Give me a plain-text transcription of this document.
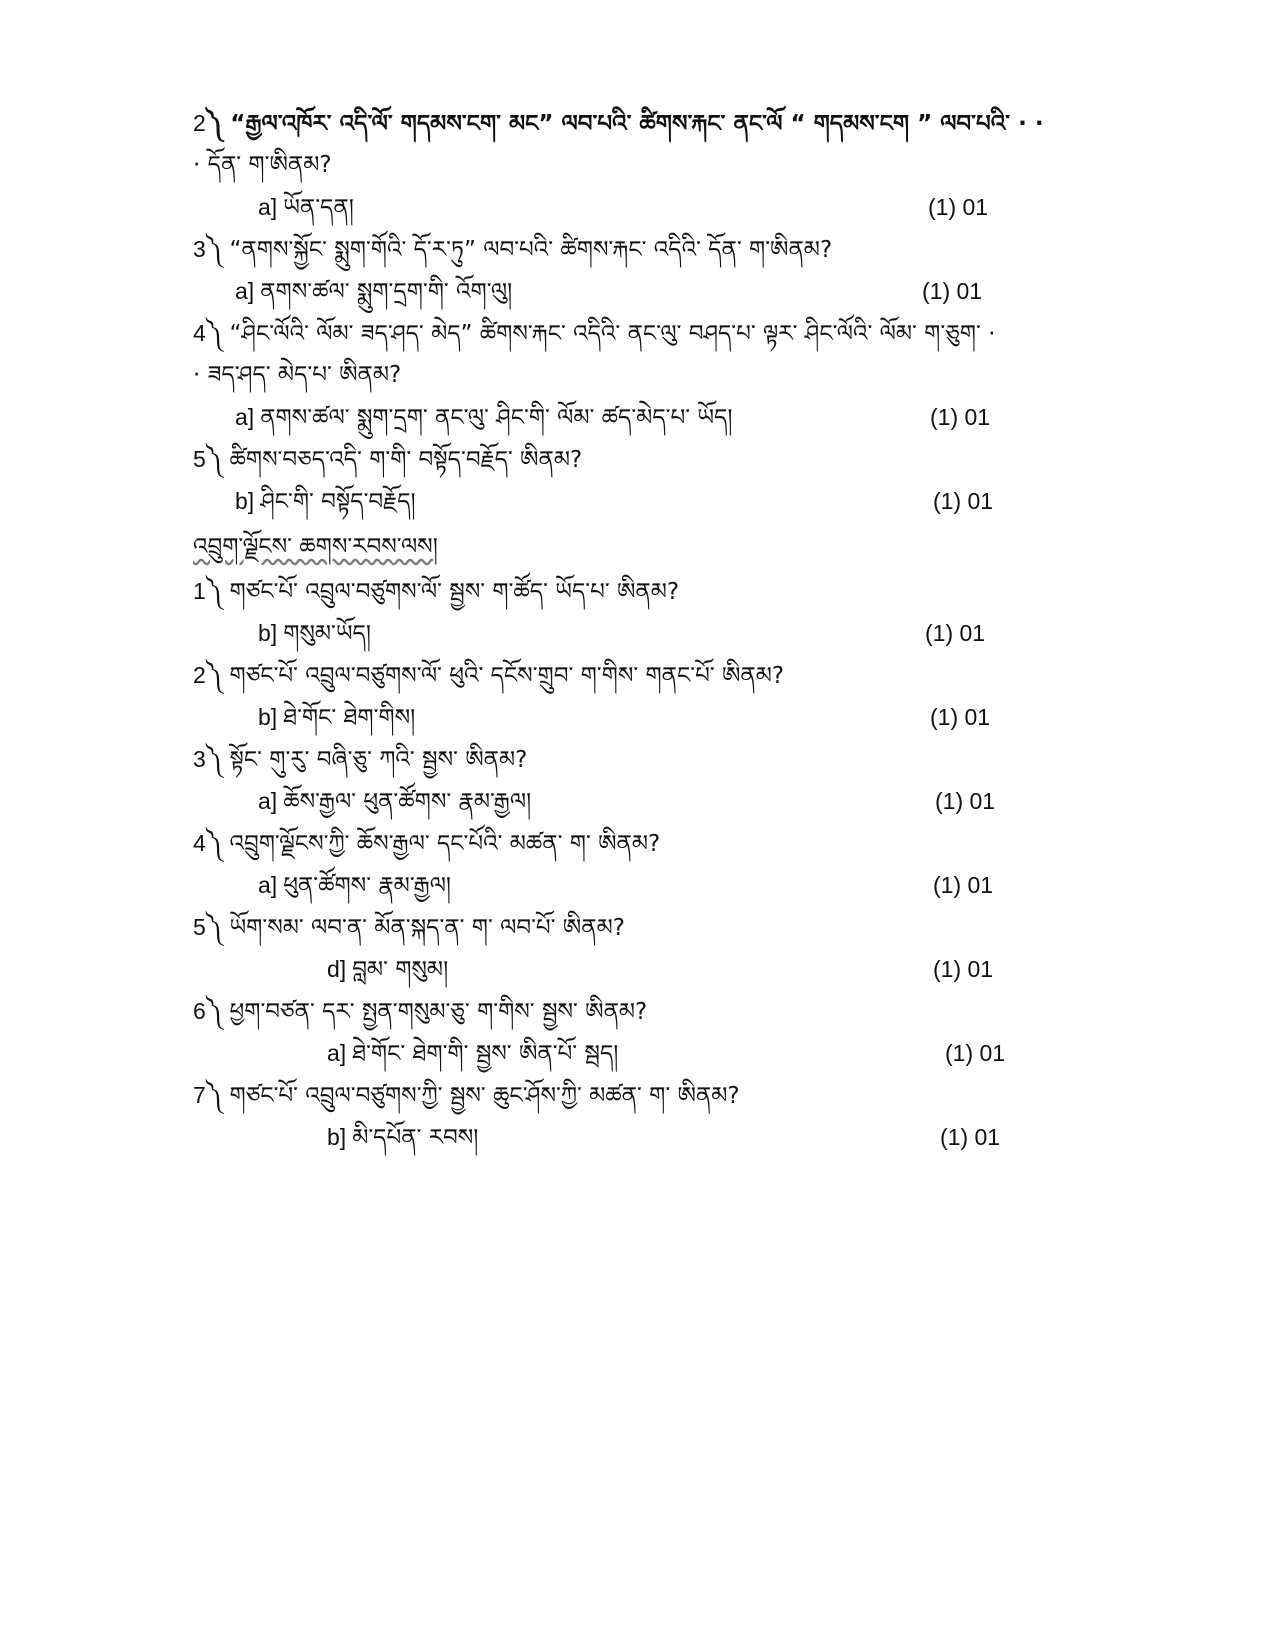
2༽ “རྒྱལ་འཁོར་ འདི་ལོ་ གདམས་ངག་ མང” ལབ་པའི་ ཚིགས་རྐང་ ནང་ལོ “ གདམས་ངག ” ལབ་པའི་ · ·
· དོན་ ག་ཨིནམ?
a] ཡོན་དན།	(1) 01
3༽ “ནགས་སྐྱོང་ སྨུག་གོའི་ དོ་ར་ཏུ” ལབ་པའི་ ཚིགས་རྐང་ འདིའི་ དོན་ ག་ཨིནམ?
a] ནགས་ཚལ་ སྨུག་དྲག་གི་ འོག་ལུ།	(1) 01
4༽ “ཤིང་ལོའི་ ལོམ་ ཟད་ཤད་ མེད” ཚིགས་རྐང་ འདིའི་ ནང་ལུ་ བཤད་པ་ ལྟར་ ཤིང་ལོའི་ ལོམ་ ག་ཅུག་ ·
· ཟད་ཤད་ མེད་པ་ ཨིནམ?
a] ནགས་ཚལ་ སྨུག་དྲག་ ནང་ལུ་ ཤིང་གི་ ལོམ་ ཚད་མེད་པ་ ཡོད།	(1) 01
5༽ ཚིགས་བཅད་འདི་ ག་གི་ བསྟོད་བརྗོད་ ཨིནམ?
b] ཤིང་གི་ བསྟོད་བརྗོད།	(1) 01
འབྲུག་ལྗོངས་ ཆགས་རབས་ལས།
1༽ གཙང་པོ་ འབྲུལ་བཙུགས་ལོ་ སྦྱས་ ག་ཚོད་ ཡོད་པ་ ཨིནམ?
b] གསུམ་ཡོད།	(1) 01
2༽ གཙང་པོ་ འབྲུལ་བཙུགས་ལོ་ ཕུའི་ དངོས་གྲུབ་ ག་གིས་ གནང་པོ་ ཨིནམ?
b] ཐེ་གོང་ ཐེག་གིས།	(1) 01
3༽ སྟོང་ གུ་རུ་ བཞི་ཅུ་ ཀའི་ སྦྱས་ ཨིནམ?
a] ཆོས་རྒྱལ་ ཕུན་ཚོགས་ རྣམ་རྒྱལ།	(1) 01
4༽ འབྲུག་ལྗོངས་ཀྱི་ ཆོས་རྒྱལ་ དང་པོའི་ མཚན་ ག་ ཨིནམ?
a] ཕུན་ཚོགས་ རྣམ་རྒྱལ།	(1) 01
5༽ ཡོག་སམ་ ལབ་ན་ མོན་སྐད་ན་ ག་ ལབ་པོ་ ཨིནམ?
d] བླམ་ གསུམ།	(1) 01
6༽ ཕྱག་བཙན་ དར་ སྤྱན་གསུམ་ཅུ་ ག་གིས་ སྦྱས་ ཨིནམ?
a] ཐེ་གོང་ ཐེག་གི་ སྦྱས་ ཨིན་པོ་ སྦད།	(1) 01
7༽ གཙང་པོ་ འབྲུལ་བཙུགས་ཀྱི་ སྦྱས་ ཆུང་ཤོས་ཀྱི་ མཚན་ ག་ ཨིནམ?
b] མི་དཔོན་ རབས།	(1) 01
